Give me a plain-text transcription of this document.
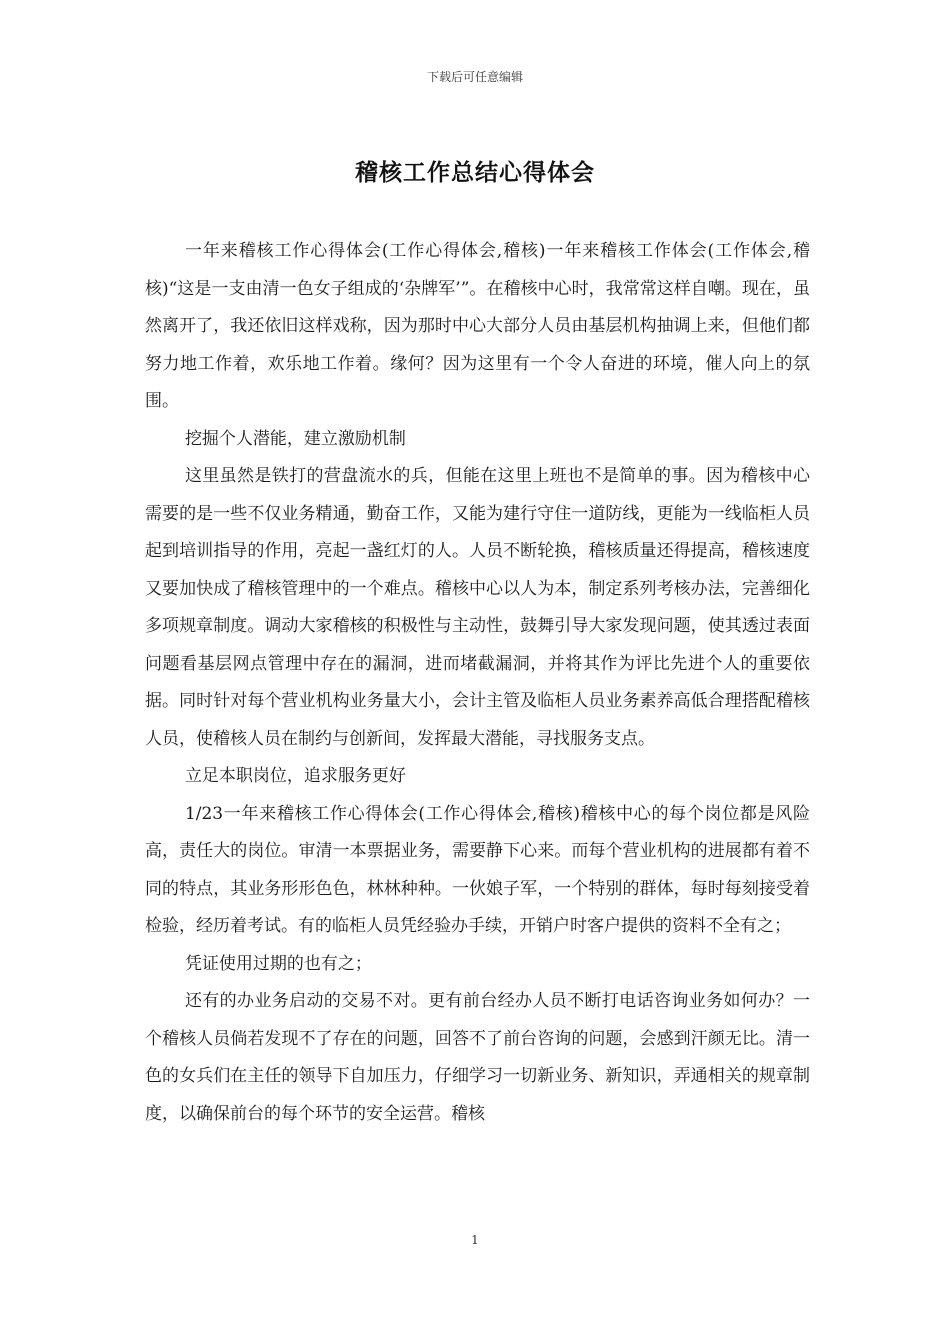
下载后可任意编辑
稽核工作总结心得体会

一年来稽核工作心得体会(工作心得体会,稽核)一年来稽核工作体会(工作体会,稽核)“这是一支由清一色女子组成的‘杂牌军’”。在稽核中心时，我常常这样自嘲。现在，虽然离开了，我还依旧这样戏称，因为那时中心大部分人员由基层机构抽调上来，但他们都努力地工作着，欢乐地工作着。缘何？因为这里有一个令人奋进的环境，催人向上的氛围。

挖掘个人潜能，建立激励机制

这里虽然是铁打的营盘流水的兵，但能在这里上班也不是简单的事。因为稽核中心需要的是一些不仅业务精通，勤奋工作，又能为建行守住一道防线，更能为一线临柜人员起到培训指导的作用，亮起一盏红灯的人。人员不断轮换，稽核质量还得提高，稽核速度又要加快成了稽核管理中的一个难点。稽核中心以人为本，制定系列考核办法，完善细化多项规章制度。调动大家稽核的积极性与主动性，鼓舞引导大家发现问题，使其透过表面问题看基层网点管理中存在的漏洞，进而堵截漏洞，并将其作为评比先进个人的重要依据。同时针对每个营业机构业务量大小，会计主管及临柜人员业务素养高低合理搭配稽核人员，使稽核人员在制约与创新间，发挥最大潜能，寻找服务支点。

立足本职岗位，追求服务更好

1/23一年来稽核工作心得体会(工作心得体会,稽核)稽核中心的每个岗位都是风险高，责任大的岗位。审清一本票据业务，需要静下心来。而每个营业机构的进展都有着不同的特点，其业务形形色色，林林种种。一伙娘子军，一个特别的群体，每时每刻接受着检验，经历着考试。有的临柜人员凭经验办手续，开销户时客户提供的资料不全有之；

凭证使用过期的也有之；

还有的办业务启动的交易不对。更有前台经办人员不断打电话咨询业务如何办？一个稽核人员倘若发现不了存在的问题，回答不了前台咨询的问题，会感到汗颜无比。清一色的女兵们在主任的领导下自加压力，仔细学习一切新业务、新知识，弄通相关的规章制度，以确保前台的每个环节的安全运营。稽核

1
